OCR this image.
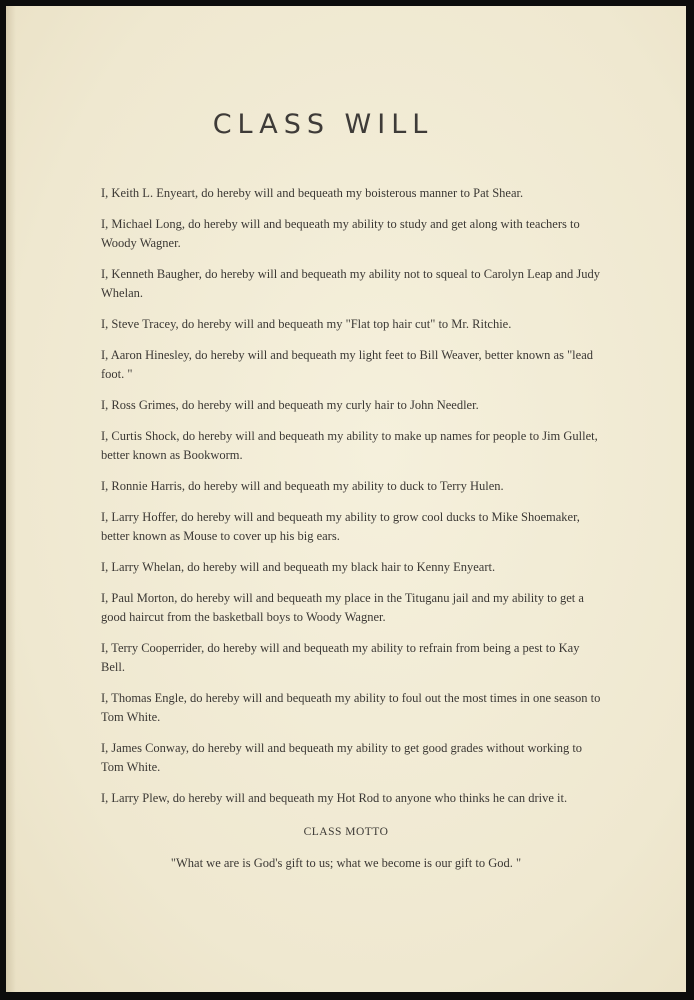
CLASS WILL

I, Keith L. Enyeart, do hereby will and bequeath my boisterous manner to Pat Shear.

I, Michael Long, do hereby will and bequeath my ability to study and get along with teachers to Woody Wagner.

I, Kenneth Baugher, do hereby will and bequeath my ability not to squeal to Carolyn Leap and Judy Whelan.

I, Steve Tracey, do hereby will and bequeath my "Flat top hair cut" to Mr. Ritchie.

I, Aaron Hinesley, do hereby will and bequeath my light feet to Bill Weaver, better known as "lead foot. "

I, Ross Grimes, do hereby will and bequeath my curly hair to John Needler.

I, Curtis Shock, do hereby will and bequeath my ability to make up names for people to Jim Gullet, better known as Bookworm.

I, Ronnie Harris, do hereby will and bequeath my ability to duck to Terry Hulen.

I, Larry Hoffer, do hereby will and bequeath my ability to grow cool ducks to Mike Shoemaker, better known as Mouse to cover up his big ears.

I, Larry Whelan, do hereby will and bequeath my black hair to Kenny Enyeart.

I, Paul Morton, do hereby will and bequeath my place in the Tituganu jail and my ability to get a good haircut from the basketball boys to Woody Wagner.

I, Terry Cooperrider, do hereby will and bequeath my ability to refrain from being a pest to Kay Bell.

I, Thomas Engle, do hereby will and bequeath my ability to foul out the most times in one season to Tom White.

I, James Conway, do hereby will and bequeath my ability to get good grades without working to Tom White.

I, Larry Plew, do hereby will and bequeath my Hot Rod to anyone who thinks he can drive it.

CLASS MOTTO
"What we are is God's gift to us; what we become is our gift to God. "
